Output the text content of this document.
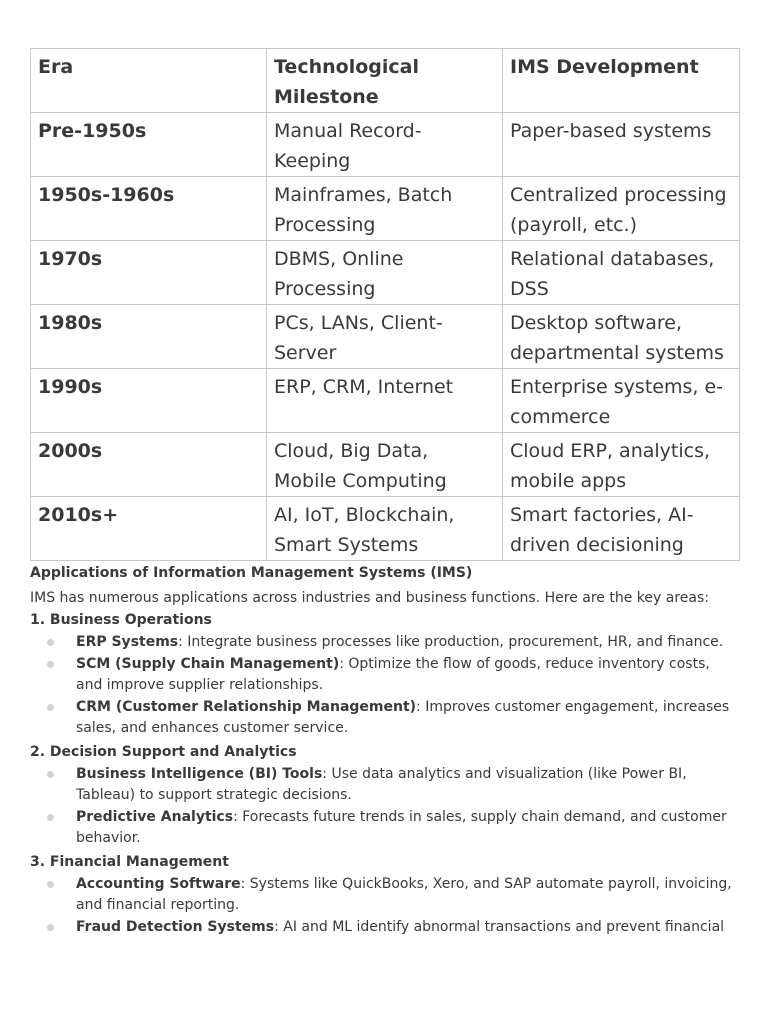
Era	Technological Milestone	IMS Development
Pre-1950s	Manual Record-Keeping	Paper-based systems
1950s-1960s	Mainframes, Batch Processing	Centralized processing (payroll, etc.)
1970s	DBMS, Online Processing	Relational databases, DSS
1980s	PCs, LANs, Client-Server	Desktop software, departmental systems
1990s	ERP, CRM, Internet	Enterprise systems, e-commerce
2000s	Cloud, Big Data, Mobile Computing	Cloud ERP, analytics, mobile apps
2010s+	AI, IoT, Blockchain, Smart Systems	Smart factories, AI-driven decisioning
Applications of Information Management Systems (IMS)
IMS has numerous applications across industries and business functions. Here are the key areas:
1. Business Operations
ERP Systems: Integrate business processes like production, procurement, HR, and finance.
SCM (Supply Chain Management): Optimize the flow of goods, reduce inventory costs, and improve supplier relationships.
CRM (Customer Relationship Management): Improves customer engagement, increases sales, and enhances customer service.
2. Decision Support and Analytics
Business Intelligence (BI) Tools: Use data analytics and visualization (like Power BI, Tableau) to support strategic decisions.
Predictive Analytics: Forecasts future trends in sales, supply chain demand, and customer behavior.
3. Financial Management
Accounting Software: Systems like QuickBooks, Xero, and SAP automate payroll, invoicing, and financial reporting.
Fraud Detection Systems: AI and ML identify abnormal transactions and prevent financial
